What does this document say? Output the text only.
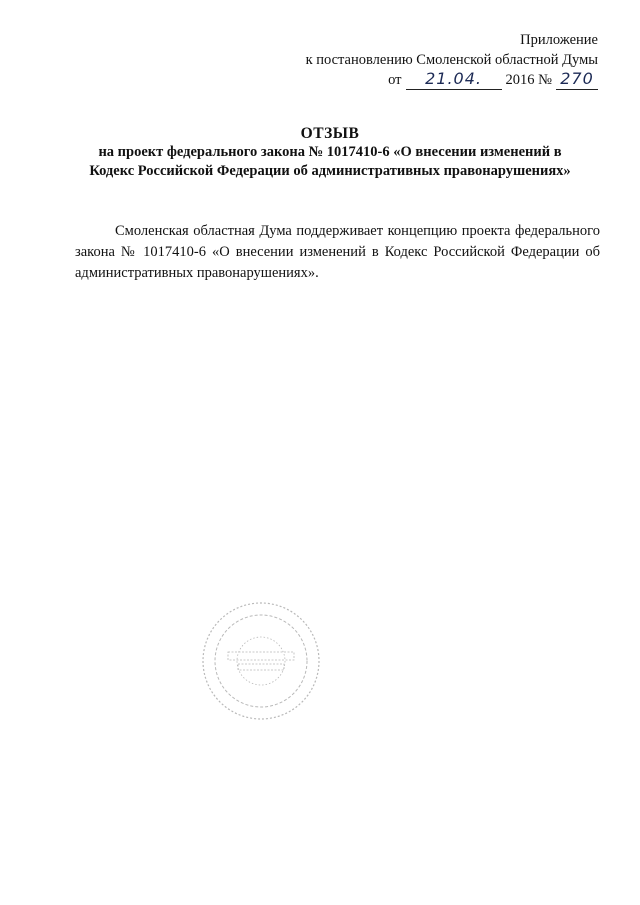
Приложение
к постановлению Смоленской областной Думы
от	21.04.	2016 № 270
ОТЗЫВ
на проект федерального закона № 1017410-6 «О внесении изменений в
Кодекс Российской Федерации об административных правонарушениях»

Смоленская областная Дума поддерживает концепцию проекта федерального закона № 1017410-6 «О внесении изменений в Кодекс Российской Федерации об административных правонарушениях».
